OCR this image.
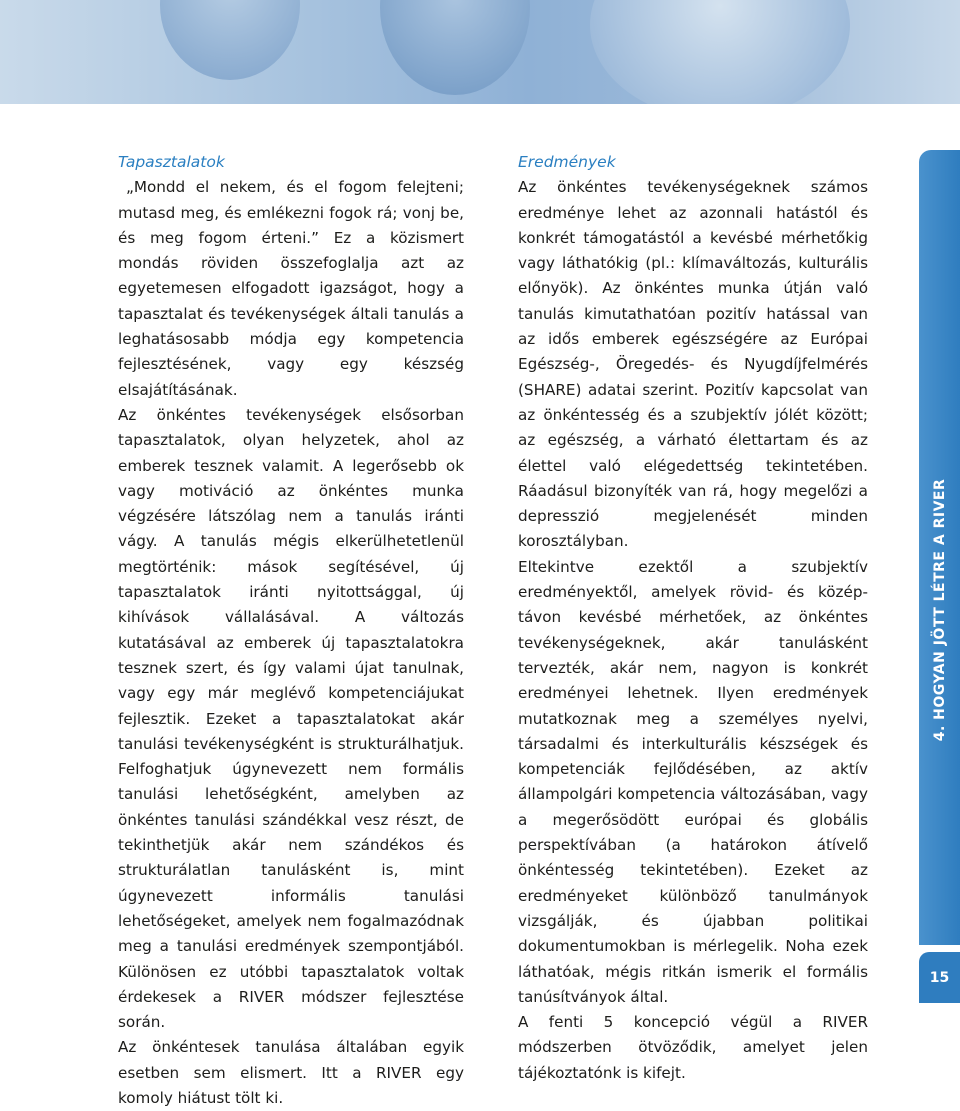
Tapasztalatok

„Mondd el nekem, és el fogom felejteni; mutasd meg, és emlékezni fogok rá; vonj be, és meg fogom érteni.” Ez a közismert mondás röviden összefoglalja azt az egyetemesen elfogadott igazságot, hogy a tapasztalat és tevékenységek általi tanulás a leghatásosabb módja egy kompetencia fejlesztésének, vagy egy készség elsajátításának.

Az önkéntes tevékenységek elsősorban tapasztalatok, olyan helyzetek, ahol az emberek tesznek valamit. A legerősebb ok vagy motiváció az önkéntes munka végzésére látszólag nem a tanulás iránti vágy. A tanulás mégis elkerülhetetlenül megtörténik: mások segítésével, új tapasztalatok iránti nyitottsággal, új kihívások vállalásával. A változás kutatásával az emberek új tapasztalatokra tesznek szert, és így valami újat tanulnak, vagy egy már meglévő kompetenciájukat fejlesztik. Ezeket a tapasztalatokat akár tanulási tevékenységként is strukturálhatjuk. Felfoghatjuk úgynevezett nem formális tanulási lehetőségként, amelyben az önkéntes tanulási szándékkal vesz részt, de tekinthetjük akár nem szándékos és strukturálatlan tanulásként is, mint úgynevezett informális tanulási lehetőségeket, amelyek nem fogalmazódnak meg a tanulási eredmények szempontjából. Különösen ez utóbbi tapasztalatok voltak érdekesek a RIVER módszer fejlesztése során.

Az önkéntesek tanulása általában egyik esetben sem elismert. Itt a RIVER egy komoly hiátust tölt ki.

Eredmények

Az önkéntes tevékenységeknek számos eredménye lehet az azonnali hatástól és konkrét támogatástól a kevésbé mérhetőkig vagy láthatókig (pl.: klímaváltozás, kulturális előnyök). Az önkéntes munka útján való tanulás kimutathatóan pozitív hatással van az idős emberek egészségére az Európai Egészség-, Öregedés- és Nyugdíjfelmérés (SHARE) adatai szerint. Pozitív kapcsolat van az önkéntesség és a szubjektív jólét között; az egészség, a várható élettartam és az élettel való elégedettség tekintetében. Ráadásul bizonyíték van rá, hogy megelőzi a depresszió megjelenését minden korosztályban.

Eltekintve ezektől a szubjektív eredményektől, amelyek rövid- és közép- távon kevésbé mérhetőek, az önkéntes tevékenységeknek, akár tanulásként tervezték, akár nem, nagyon is konkrét eredményei lehetnek. Ilyen eredmények mutatkoznak meg a személyes nyelvi, társadalmi és interkulturális készségek és kompetenciák fejlődésében, az aktív állampolgári kompetencia változásában, vagy a megerősödött európai és globális perspektívában (a határokon átívelő önkéntesség tekintetében). Ezeket az eredményeket különböző tanulmányok vizsgálják, és újabban politikai dokumentumokban is mérlegelik. Noha ezek láthatóak, mégis ritkán ismerik el formális tanúsítványok által.

A fenti 5 koncepció végül a RIVER módszerben ötvöződik, amelyet jelen tájékoztatónk is kifejt.

4. HOGYAN JÖTT LÉTRE A RIVER
15
